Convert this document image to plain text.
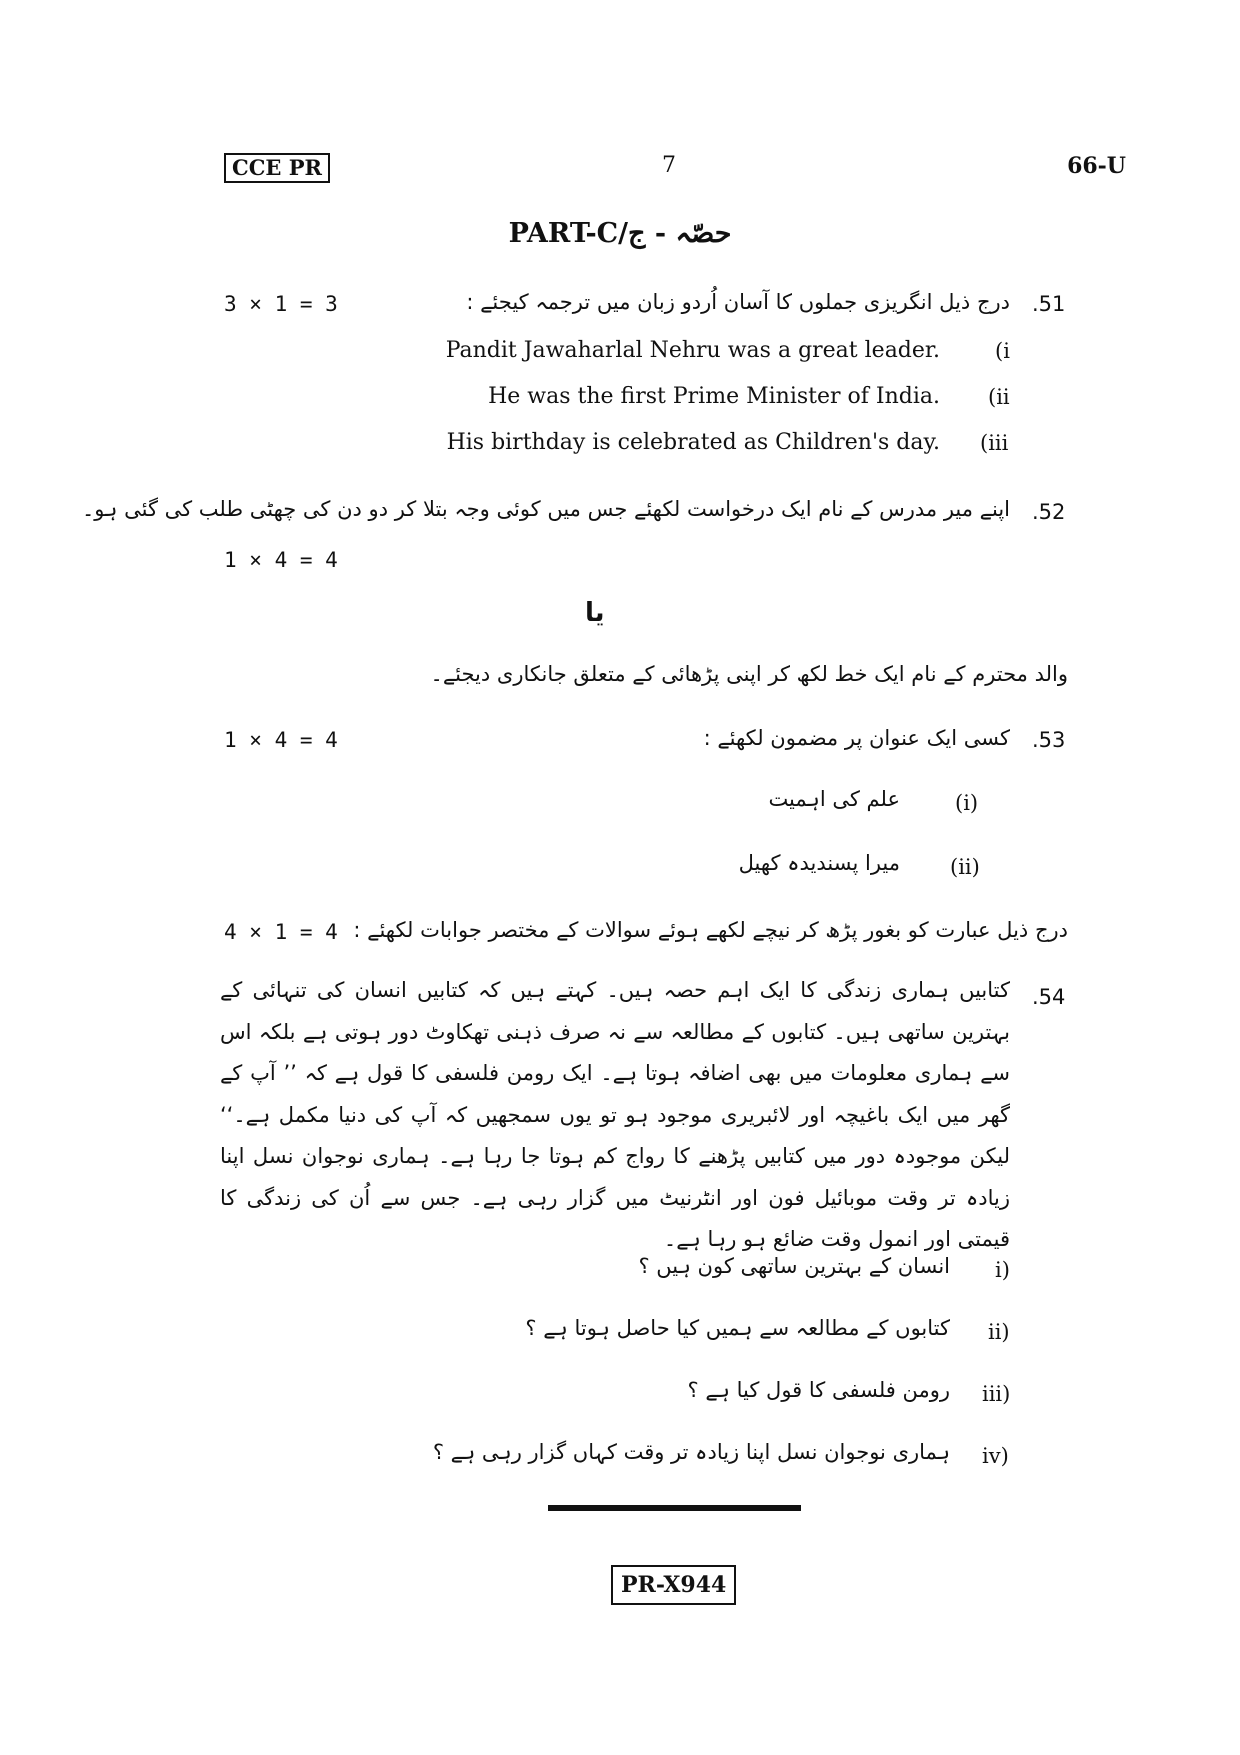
CCE PR	7	66-U
PART-C/حصّہ - ج
.51
درج ذیل انگریزی جملوں کا آسان اُردو زبان میں ترجمہ کیجئے :
3 × 1 = 3
Pandit Jawaharlal Nehru was a great leader.	(i
He was the first Prime Minister of India. (ii
His birthday is celebrated as Children's day. (iii
.52
اپنے میر مدرس کے نام ایک درخواست لکھئے جس میں کوئی وجہ بتلا کر دو دن کی چھٹی طلب کی گئی ہو۔
1 × 4 = 4
یا
والد محترم کے نام ایک خط لکھ کر اپنی پڑھائی کے متعلق جانکاری دیجئے۔
.53
کسی ایک عنوان پر مضمون لکھئے :
1 × 4 = 4
(i)
علم کی اہمیت
(ii)
میرا پسندیدہ کھیل
درج ذیل عبارت کو بغور پڑھ کر نیچے لکھے ہوئے سوالات کے مختصر جوابات لکھئے :
4 × 1 = 4
.54
کتابیں ہماری زندگی کا ایک اہم حصہ ہیں۔ کہتے ہیں کہ کتابیں انسان کی تنہائی کے بہترین ساتھی ہیں۔ کتابوں کے مطالعہ سے نہ صرف ذہنی تھکاوٹ دور ہوتی ہے بلکہ اس سے ہماری معلومات میں بھی اضافہ ہوتا ہے۔ ایک رومن فلسفی کا قول ہے کہ ’’ آپ کے گھر میں ایک باغیچہ اور لائبریری موجود ہو تو یوں سمجھیں کہ آپ کی دنیا مکمل ہے۔‘‘ لیکن موجودہ دور میں کتابیں پڑھنے کا رواج کم ہوتا جا رہا ہے۔ ہماری نوجوان نسل اپنا زیادہ تر وقت موبائیل فون اور انٹرنیٹ میں گزار رہی ہے۔ جس سے اُن کی زندگی کا قیمتی اور انمول وقت ضائع ہو رہا ہے۔
i)
انسان کے بہترین ساتھی کون ہیں ؟
ii)
کتابوں کے مطالعہ سے ہمیں کیا حاصل ہوتا ہے ؟
iii)
رومن فلسفی کا قول کیا ہے ؟
iv)
ہماری نوجوان نسل اپنا زیادہ تر وقت کہاں گزار رہی ہے ؟
PR-X944
